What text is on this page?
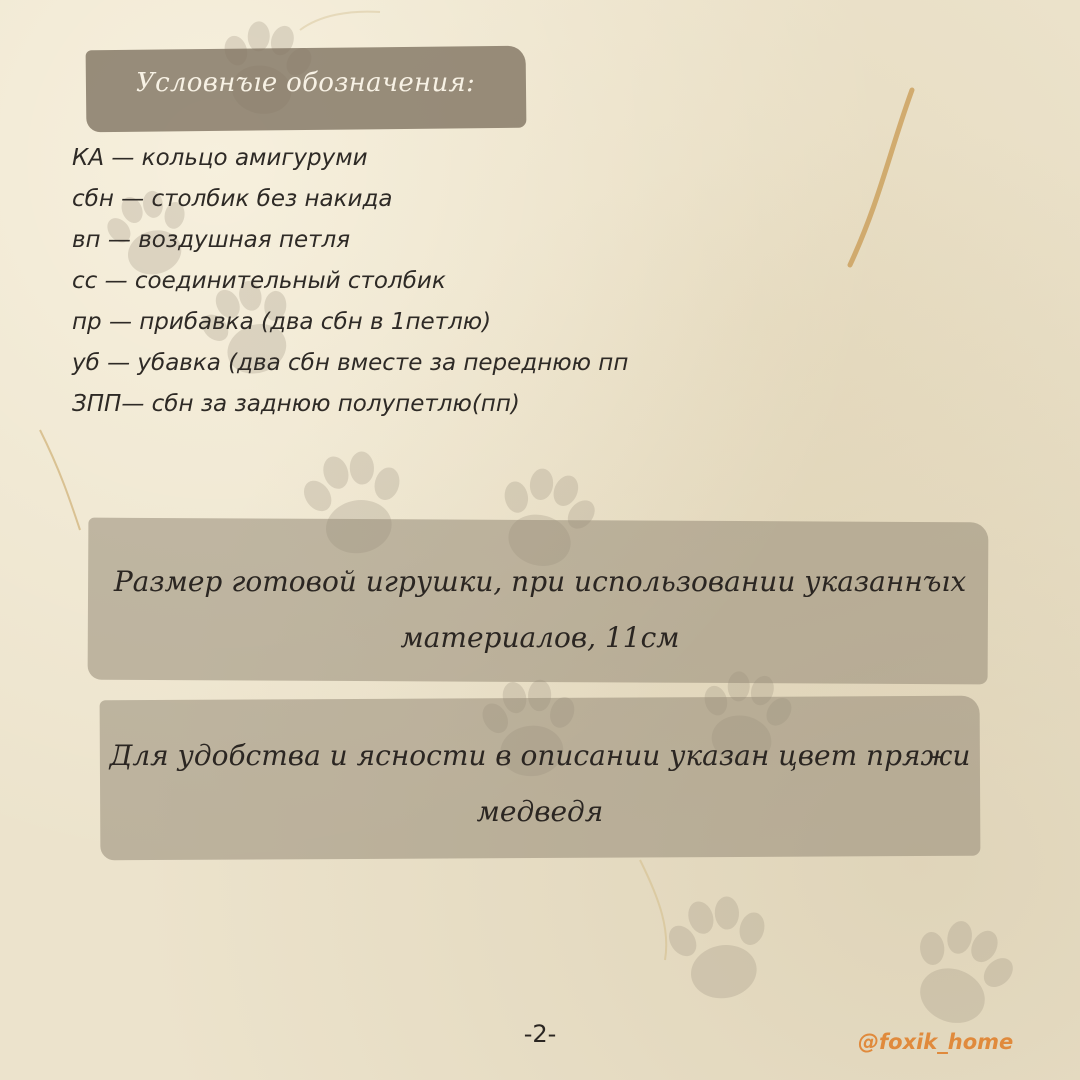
Условнъıе обозначения:
КА — кольцо амигуруми
сбн — столбик без накида
вп — воздушная петля
сс — соединительный столбик
пр — прибавка (два сбн в 1петлю)
уб — убавка (два сбн вместе за переднюю пп
ЗПП— сбн за заднюю полупетлю(пп)
Размер готовой игрушки, при использовании указаннъıх материалов, 11см
Для удобства и ясности в описании указан цвет пряжи медведя
-2-	@foxik_home
